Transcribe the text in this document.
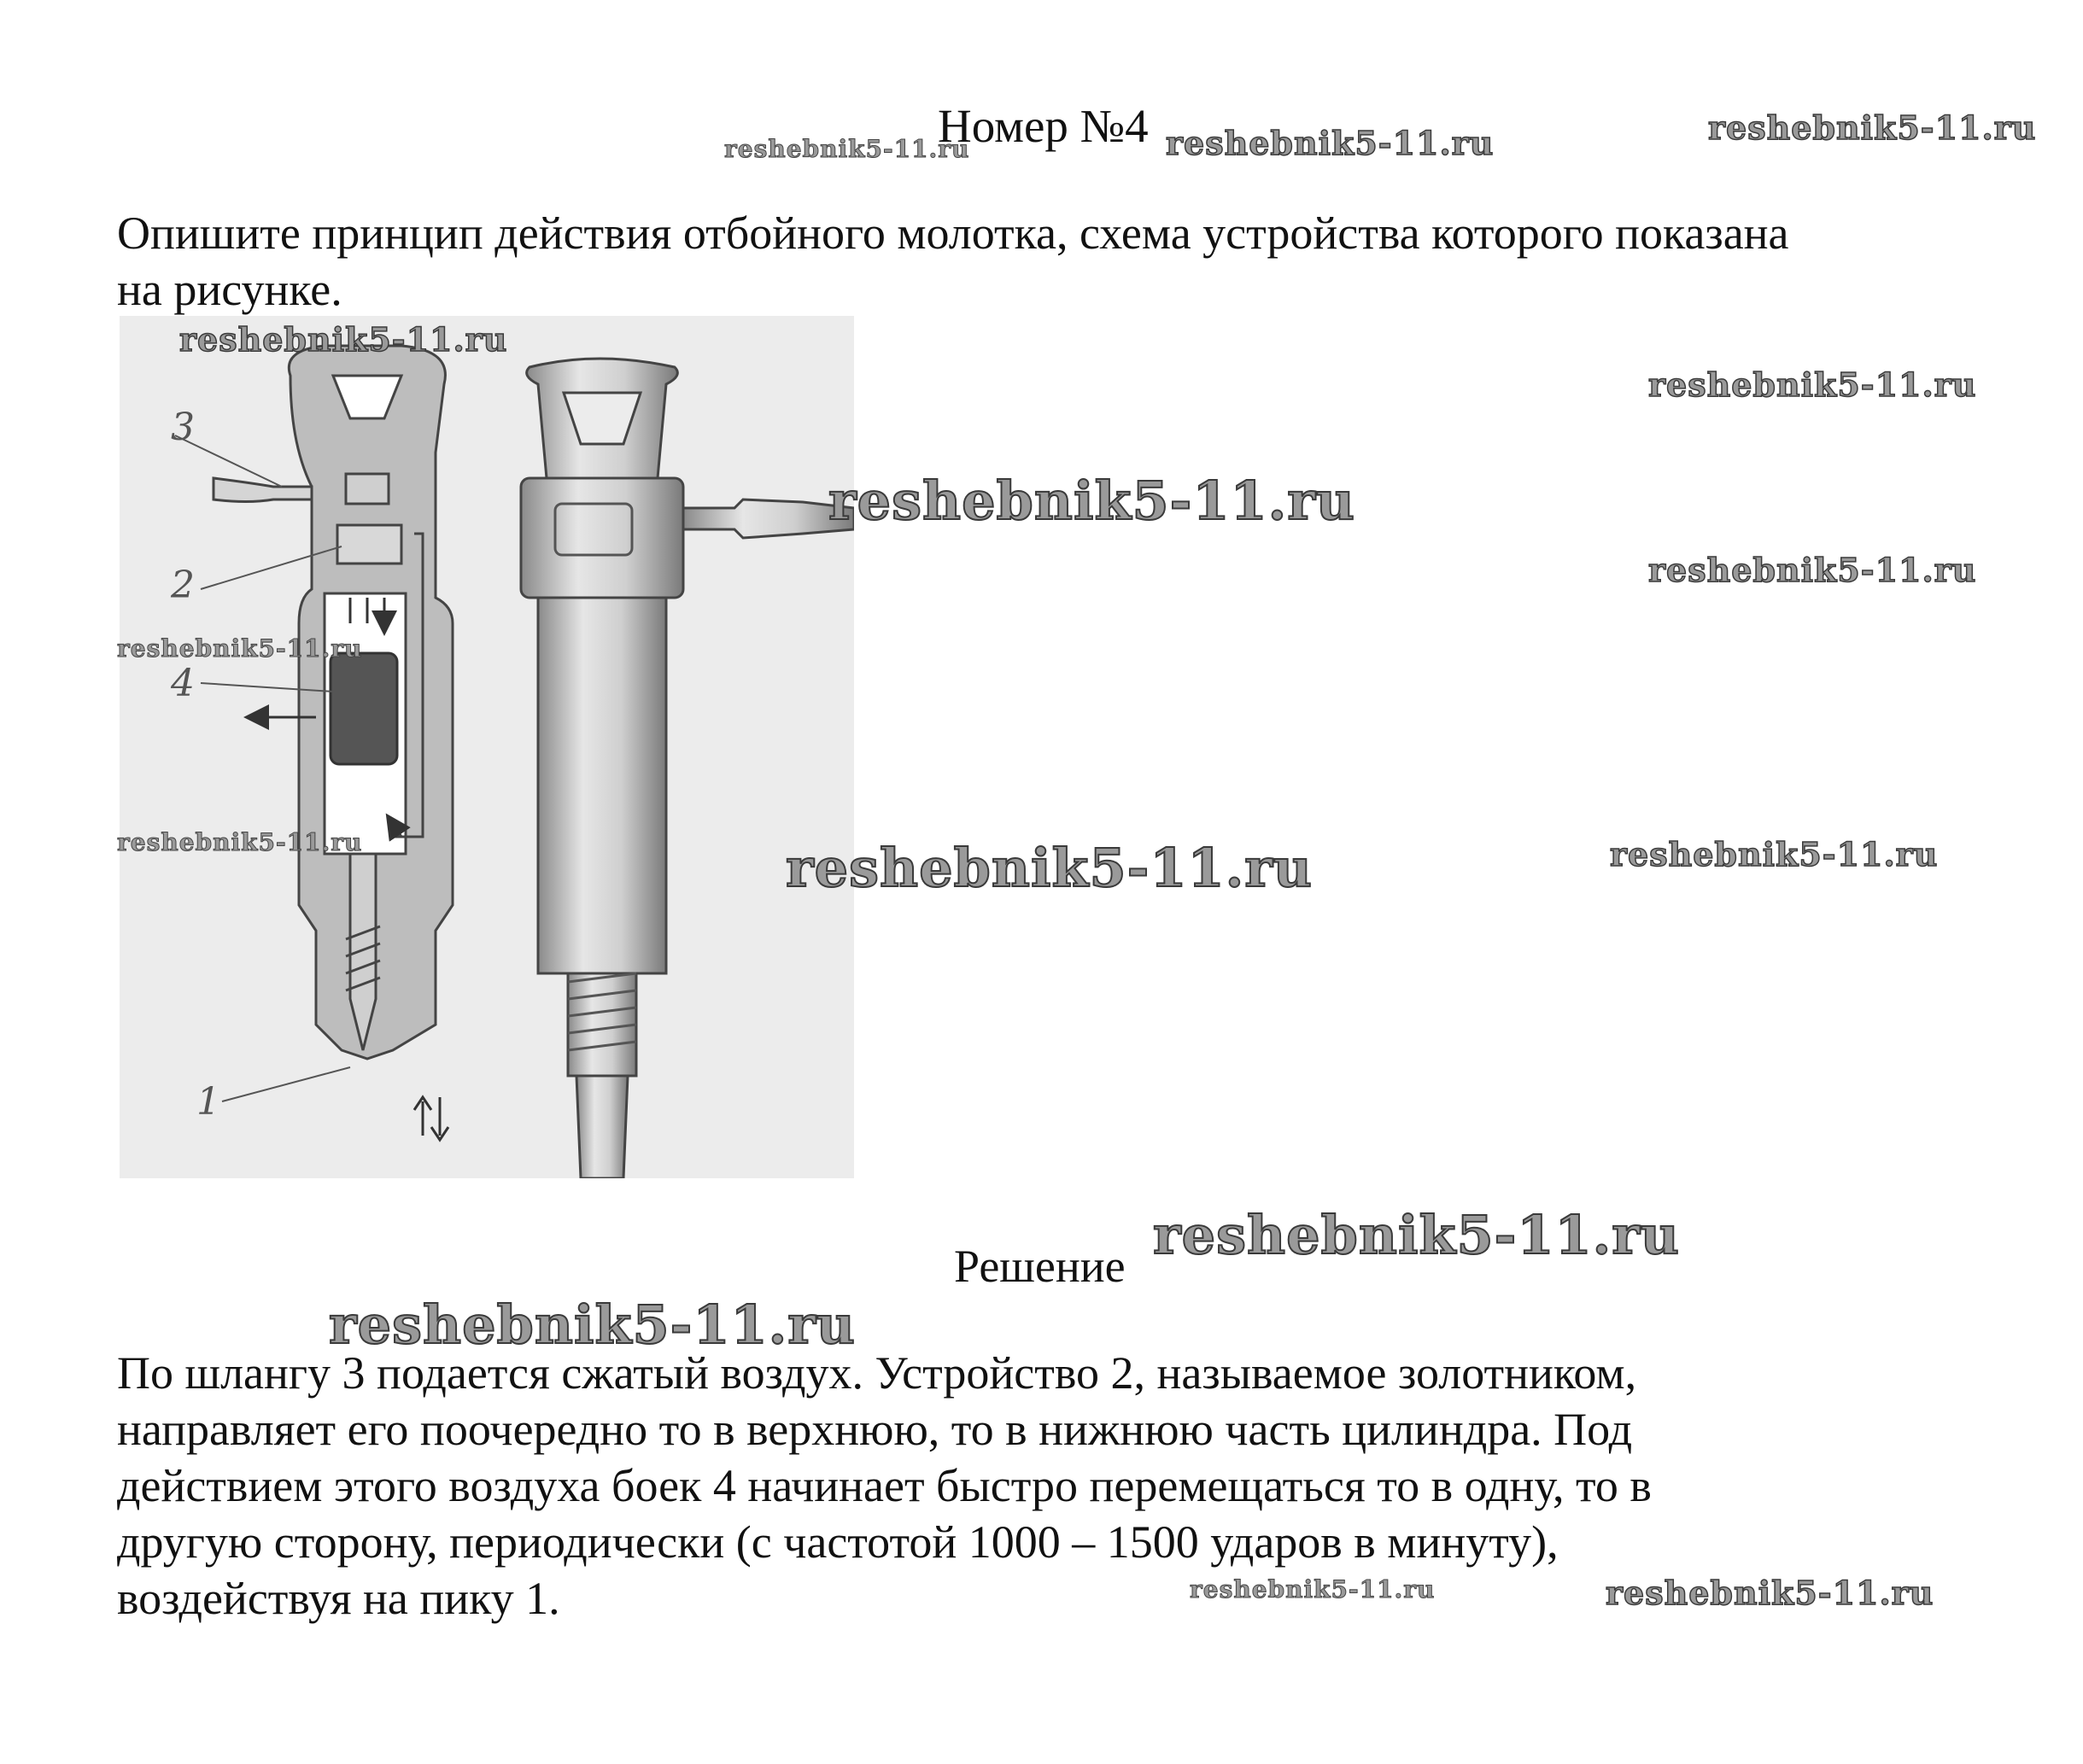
Номер №4
Опишите принцип действия отбойного молотка, схема устройства которого показана
на рисунке.
3
2
4
1
Решение
По шлангу 3 подается сжатый воздух. Устройство 2, называемое золотником,
направляет его поочередно то в верхнюю, то в нижнюю часть цилиндра. Под
действием этого воздуха боек 4 начинает быстро перемещаться то в одну, то в
другую сторону, периодически (с частотой 1000 – 1500 ударов в минуту),
воздействуя на пику 1.
reshebnik5-11.ru	reshebnik5-11.ru	reshebnik5-11.ru
reshebnik5-11.ru
reshebnik5-11.ru
reshebnik5-11.ru
reshebnik5-11.ru
reshebnik5-11.ru
reshebnik5-11.ru	reshebnik5-11.ru	reshebnik5-11.ru
reshebnik5-11.ru
reshebnik5-11.ru
reshebnik5-11.ru	reshebnik5-11.ru
